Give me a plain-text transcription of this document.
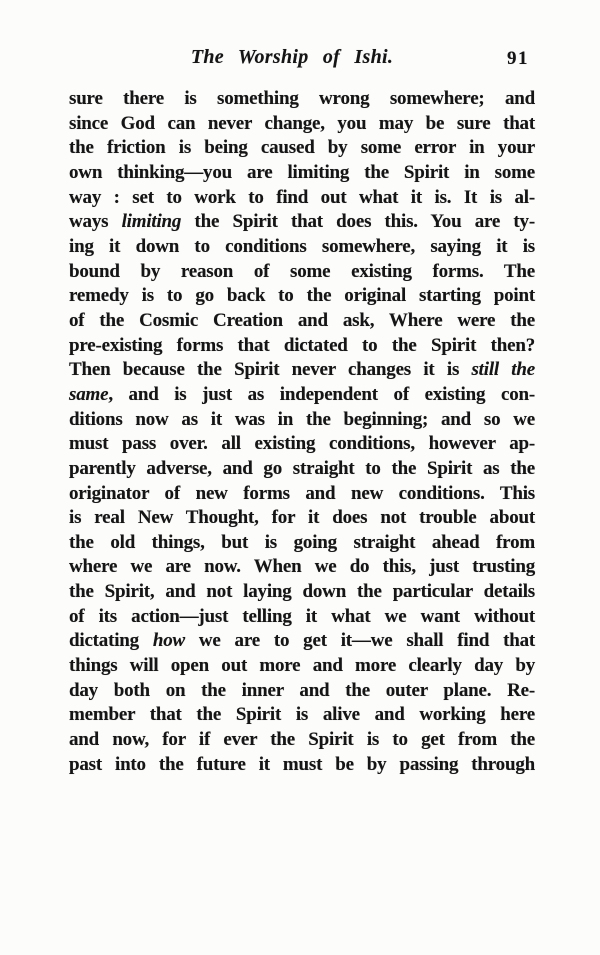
The Worship of Ishi.	91
sure there is something wrong somewhere; and
since God can never change, you may be sure that
the friction is being caused by some error in your
own thinking—you are limiting the Spirit in some
way : set to work to find out what it is. It is al-
ways limiting the Spirit that does this. You are ty-
ing it down to conditions somewhere, saying it is
bound by reason of some existing forms. The
remedy is to go back to the original starting point
of the Cosmic Creation and ask, Where were the
pre-existing forms that dictated to the Spirit then?
Then because the Spirit never changes it is still the
same, and is just as independent of existing con-
ditions now as it was in the beginning; and so we
must pass over. all existing conditions, however ap-
parently adverse, and go straight to the Spirit as the
originator of new forms and new conditions. This
is real New Thought, for it does not trouble about
the old things, but is going straight ahead from
where we are now. When we do this, just trusting
the Spirit, and not laying down the particular details
of its action—just telling it what we want without
dictating how we are to get it—we shall find that
things will open out more and more clearly day by
day both on the inner and the outer plane. Re-
member that the Spirit is alive and working here
and now, for if ever the Spirit is to get from the
past into the future it must be by passing through
